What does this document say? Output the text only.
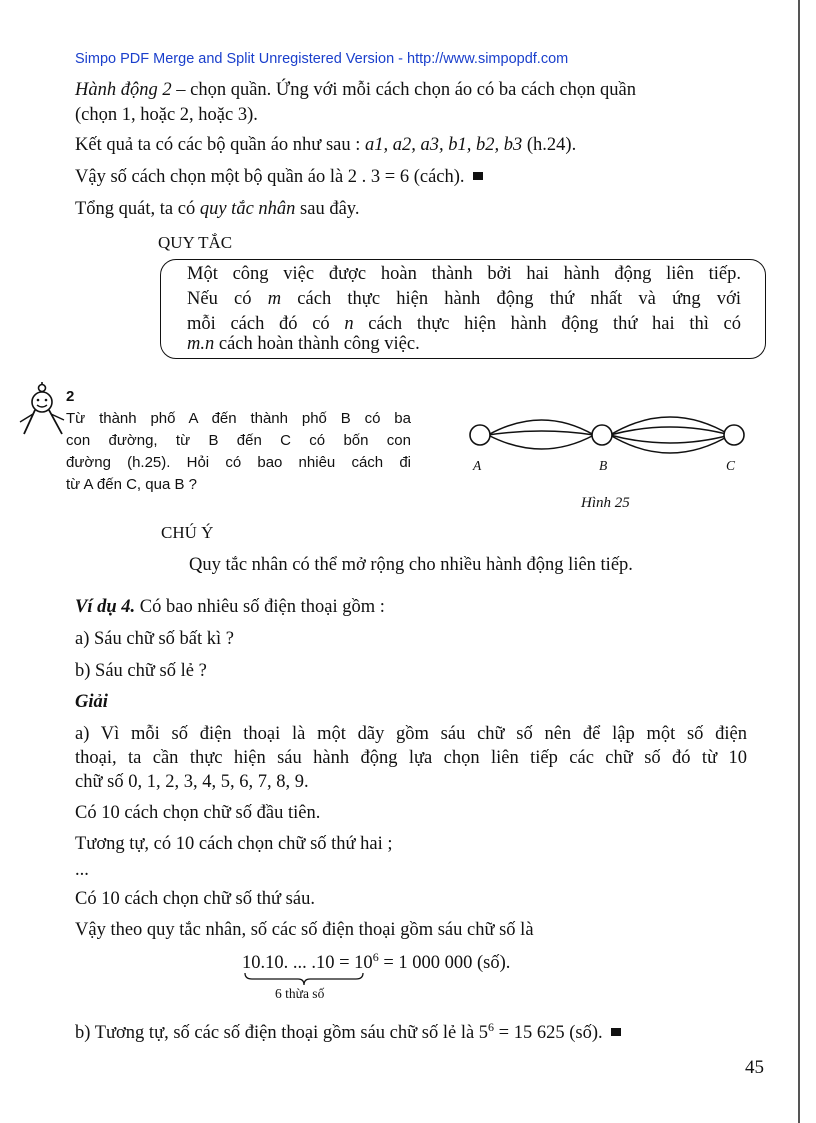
Simpo PDF Merge and Split Unregistered Version - http://www.simpopdf.com
Hành động 2 – chọn quần. Ứng với mỗi cách chọn áo có ba cách chọn quần
(chọn 1, hoặc 2, hoặc 3).
Kết quả ta có các bộ quần áo như sau : a1, a2, a3, b1, b2, b3 (h.24).
Vậy số cách chọn một bộ quần áo là 2 . 3 = 6 (cách).
Tổng quát, ta có quy tắc nhân sau đây.
QUY TẮC
Một công việc được hoàn thành bởi hai hành động liên tiếp.
Nếu có m cách thực hiện hành động thứ nhất và ứng với
mỗi cách đó có n cách thực hiện hành động thứ hai thì có
m.n cách hoàn thành công việc.
2
Từ thành phố A đến thành phố B có ba
con đường, từ B đến C có bốn con
đường (h.25). Hỏi có bao nhiêu cách đi
từ A đến C, qua B ?
A	B	C
Hình 25
CHÚ Ý
Quy tắc nhân có thể mở rộng cho nhiều hành động liên tiếp.
Ví dụ 4. Có bao nhiêu số điện thoại gồm :
a) Sáu chữ số bất kì ?
b) Sáu chữ số lẻ ?
Giải
a) Vì mỗi số điện thoại là một dãy gồm sáu chữ số nên để lập một số điện
thoại, ta cần thực hiện sáu hành động lựa chọn liên tiếp các chữ số đó từ 10
chữ số 0, 1, 2, 3, 4, 5, 6, 7, 8, 9.
Có 10 cách chọn chữ số đầu tiên.
Tương tự, có 10 cách chọn chữ số thứ hai ;
...
Có 10 cách chọn chữ số thứ sáu.
Vậy theo quy tắc nhân, số các số điện thoại gồm sáu chữ số là
10.10. ... $.10 = 10^6 = 1$ 000 000 (số).
6 thừa số
b) Tương tự, số các số điện thoại gồm sáu chữ số lẻ là $5^6 = 15$ 625 (số).
45
